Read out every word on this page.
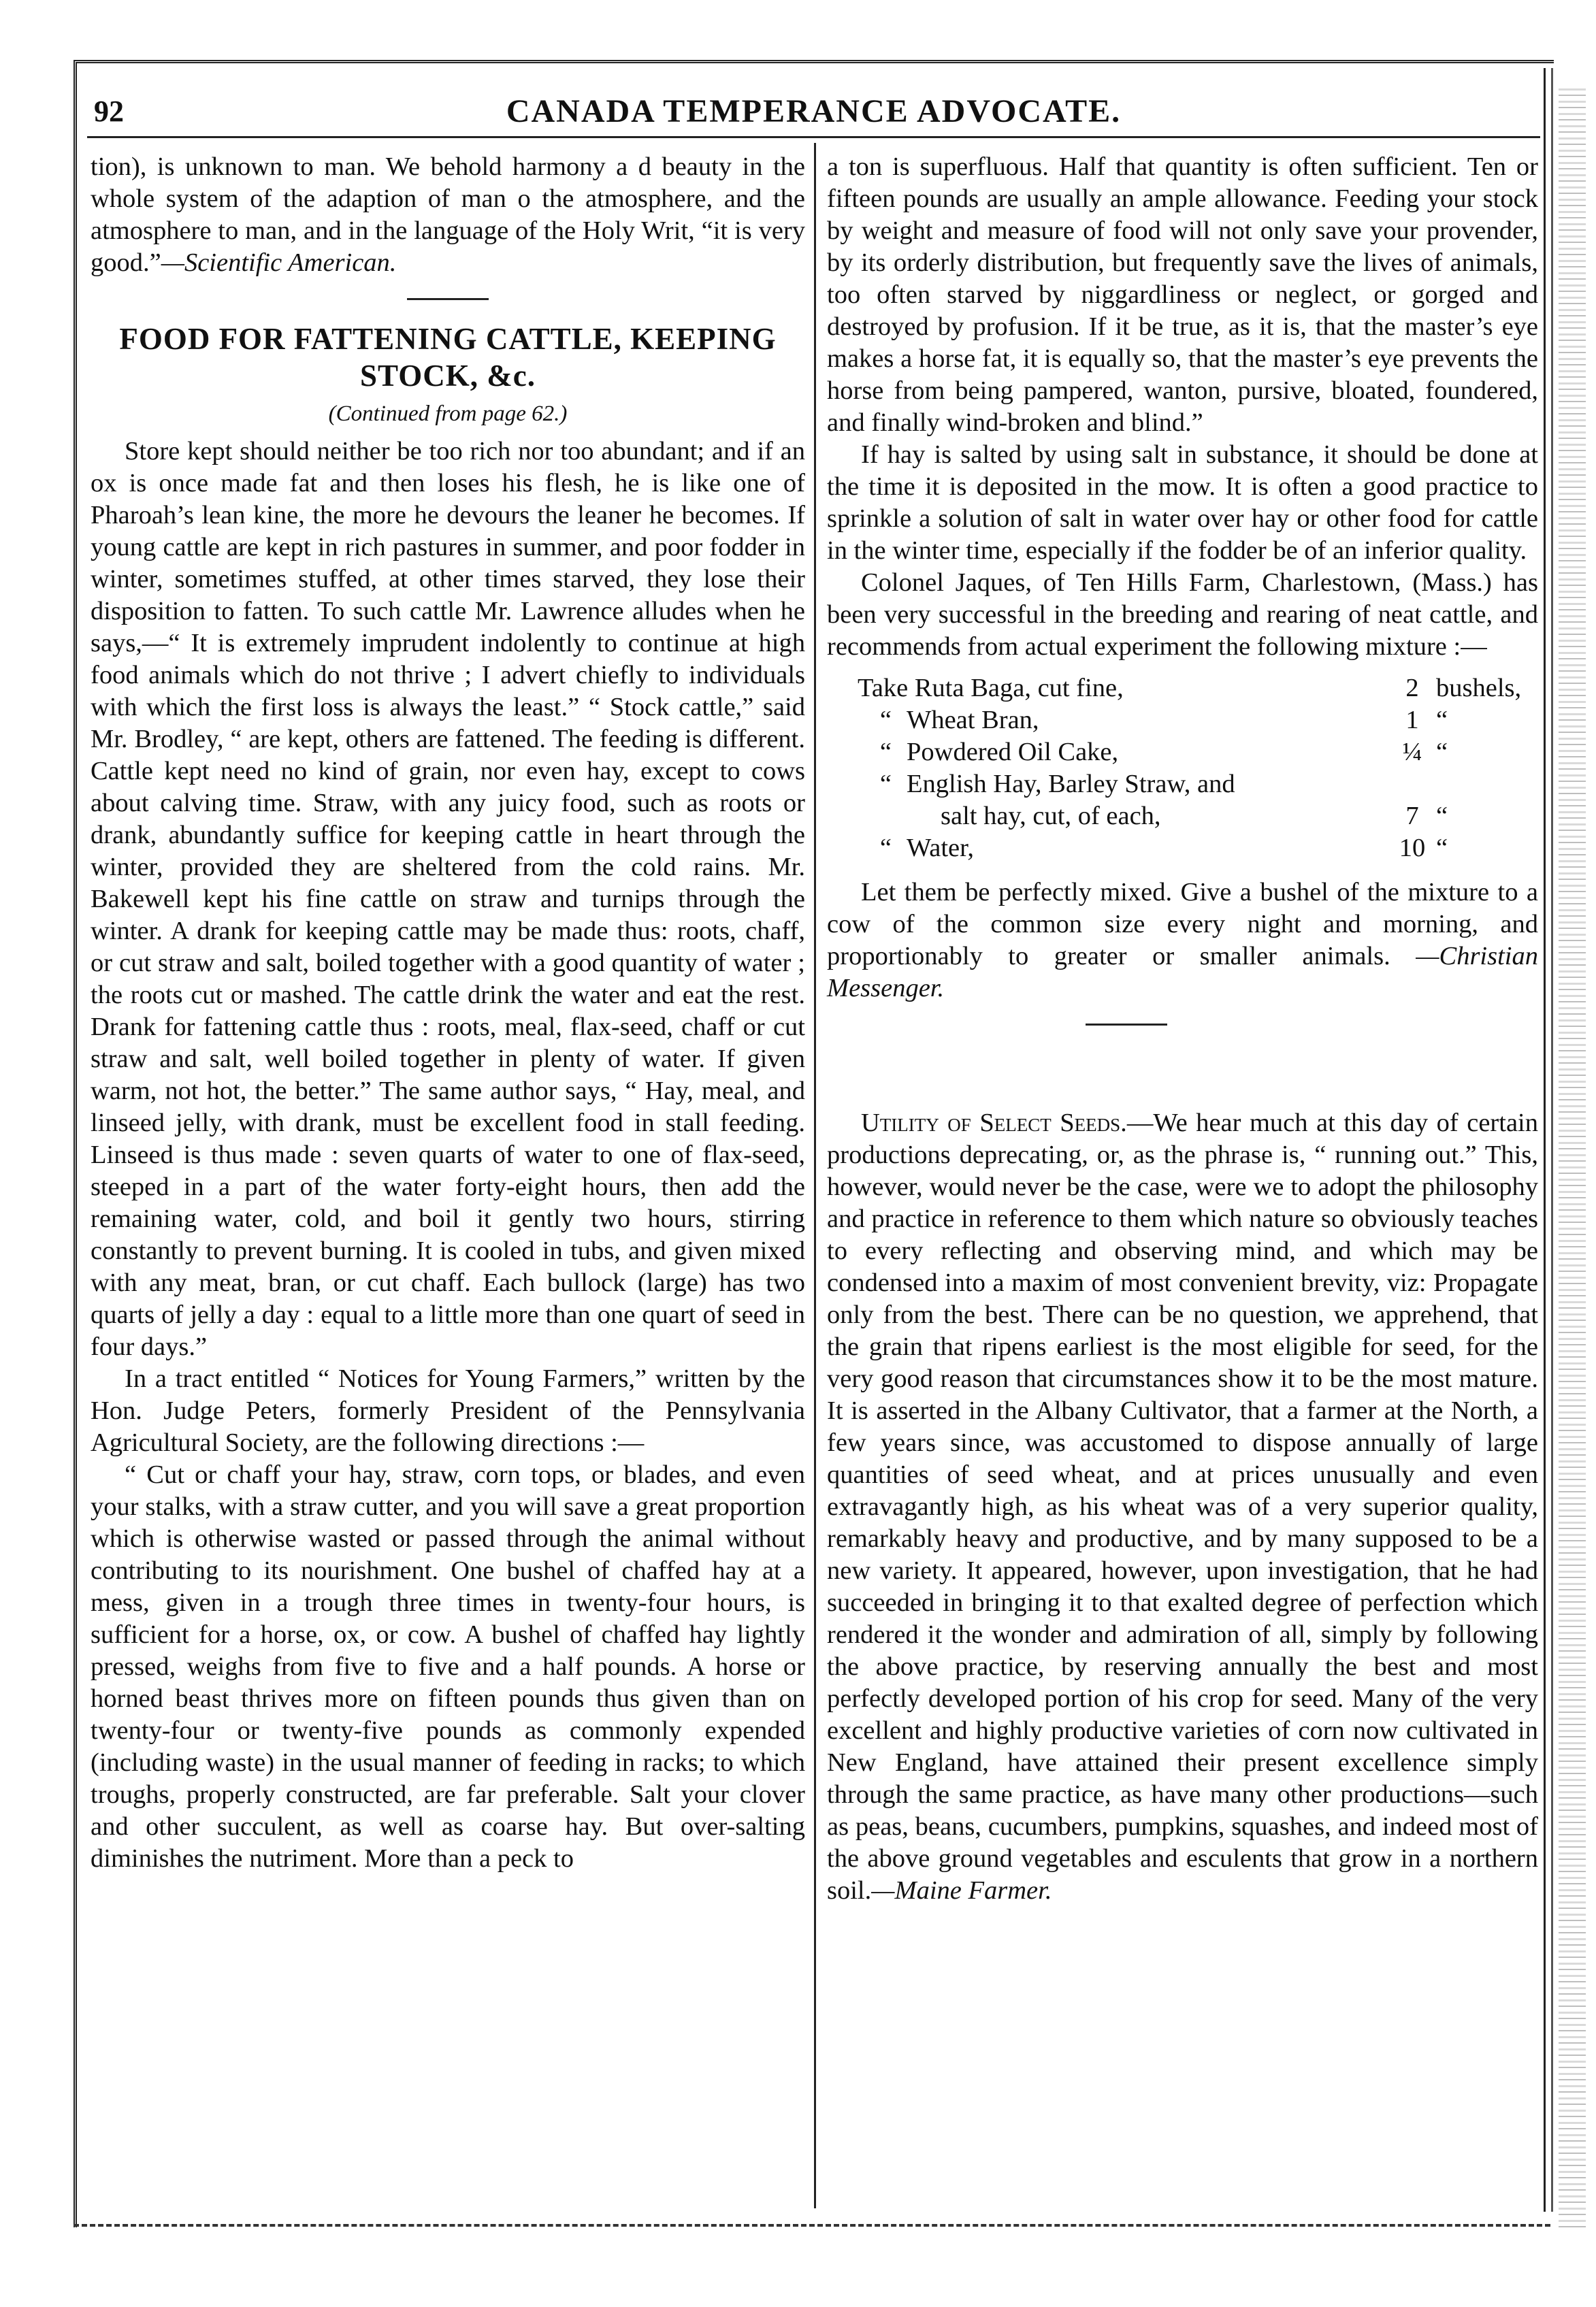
92	CANADA TEMPERANCE ADVOCATE.

tion), is unknown to man. We behold harmony a d beauty in the whole system of the adaption of man o the atmosphere, and the atmosphere to man, and in the language of the Holy Writ, “it is very good.”—Scientific American.

FOOD FOR FATTENING CATTLE, KEEPING STOCK, &c.
(Continued from page 62.)

Store kept should neither be too rich nor too abundant; and if an ox is once made fat and then loses his flesh, he is like one of Pharoah’s lean kine, the more he devours the leaner he becomes. If young cattle are kept in rich pastures in summer, and poor fodder in winter, sometimes stuffed, at other times starved, they lose their disposition to fatten. To such cattle Mr. Lawrence alludes when he says,—“ It is extremely imprudent indolently to continue at high food animals which do not thrive ; I advert chiefly to individuals with which the first loss is always the least.” “ Stock cattle,” said Mr. Brodley, “ are kept, others are fattened. The feeding is different. Cattle kept need no kind of grain, nor even hay, except to cows about calving time. Straw, with any juicy food, such as roots or drank, abundantly suffice for keeping cattle in heart through the winter, provided they are sheltered from the cold rains. Mr. Bakewell kept his fine cattle on straw and turnips through the winter. A drank for keeping cattle may be made thus: roots, chaff, or cut straw and salt, boiled together with a good quantity of water ; the roots cut or mashed. The cattle drink the water and eat the rest. Drank for fattening cattle thus : roots, meal, flax-seed, chaff or cut straw and salt, well boiled together in plenty of water. If given warm, not hot, the better.” The same author says, “ Hay, meal, and linseed jelly, with drank, must be excellent food in stall feeding. Linseed is thus made : seven quarts of water to one of flax-seed, steeped in a part of the water forty-eight hours, then add the remaining water, cold, and boil it gently two hours, stirring constantly to prevent burning. It is cooled in tubs, and given mixed with any meat, bran, or cut chaff. Each bullock (large) has two quarts of jelly a day : equal to a little more than one quart of seed in four days.”

In a tract entitled “ Notices for Young Farmers,” written by the Hon. Judge Peters, formerly President of the Pennsylvania Agricultural Society, are the following directions :—

“ Cut or chaff your hay, straw, corn tops, or blades, and even your stalks, with a straw cutter, and you will save a great proportion which is otherwise wasted or passed through the animal without contributing to its nourishment. One bushel of chaffed hay at a mess, given in a trough three times in twenty-four hours, is sufficient for a horse, ox, or cow. A bushel of chaffed hay lightly pressed, weighs from five to five and a half pounds. A horse or horned beast thrives more on fifteen pounds thus given than on twenty-four or twenty-five pounds as commonly expended (including waste) in the usual manner of feeding in racks; to which troughs, properly constructed, are far preferable. Salt your clover and other succulent, as well as coarse hay. But over-salting diminishes the nutriment. More than a peck to

a ton is superfluous. Half that quantity is often sufficient. Ten or fifteen pounds are usually an ample allowance. Feeding your stock by weight and measure of food will not only save your provender, by its orderly distribution, but frequently save the lives of animals, too often starved by niggardliness or neglect, or gorged and destroyed by profusion. If it be true, as it is, that the master’s eye makes a horse fat, it is equally so, that the master’s eye prevents the horse from being pampered, wanton, pursive, bloated, foundered, and finally wind-broken and blind.”

If hay is salted by using salt in substance, it should be done at the time it is deposited in the mow. It is often a good practice to sprinkle a solution of salt in water over hay or other food for cattle in the winter time, especially if the fodder be of an inferior quality.

Colonel Jaques, of Ten Hills Farm, Charlestown, (Mass.) has been very successful in the breeding and rearing of neat cattle, and recommends from actual experiment the following mixture :—

Take Ruta Baga, cut fine,	2 bushels,
“ Wheat Bran,	1 “
“ Powdered Oil Cake,	¼ “
“ English Hay, Barley Straw, and
salt hay, cut, of each,	7 “
“ Water,	10 “

Let them be perfectly mixed. Give a bushel of the mixture to a cow of the common size every night and morning, and proportionably to greater or smaller animals. —Christian Messenger.

Utility of Select Seeds.—We hear much at this day of certain productions deprecating, or, as the phrase is, “ running out.” This, however, would never be the case, were we to adopt the philosophy and practice in reference to them which nature so obviously teaches to every reflecting and observing mind, and which may be condensed into a maxim of most convenient brevity, viz: Propagate only from the best. There can be no question, we apprehend, that the grain that ripens earliest is the most eligible for seed, for the very good reason that circumstances show it to be the most mature. It is asserted in the Albany Cultivator, that a farmer at the North, a few years since, was accustomed to dispose annually of large quantities of seed wheat, and at prices unusually and even extravagantly high, as his wheat was of a very superior quality, remarkably heavy and productive, and by many supposed to be a new variety. It appeared, however, upon investigation, that he had succeeded in bringing it to that exalted degree of perfection which rendered it the wonder and admiration of all, simply by following the above practice, by reserving annually the best and most perfectly developed portion of his crop for seed. Many of the very excellent and highly productive varieties of corn now cultivated in New England, have attained their present excellence simply through the same practice, as have many other productions—such as peas, beans, cucumbers, pumpkins, squashes, and indeed most of the above ground vegetables and esculents that grow in a northern soil.—Maine Farmer.
